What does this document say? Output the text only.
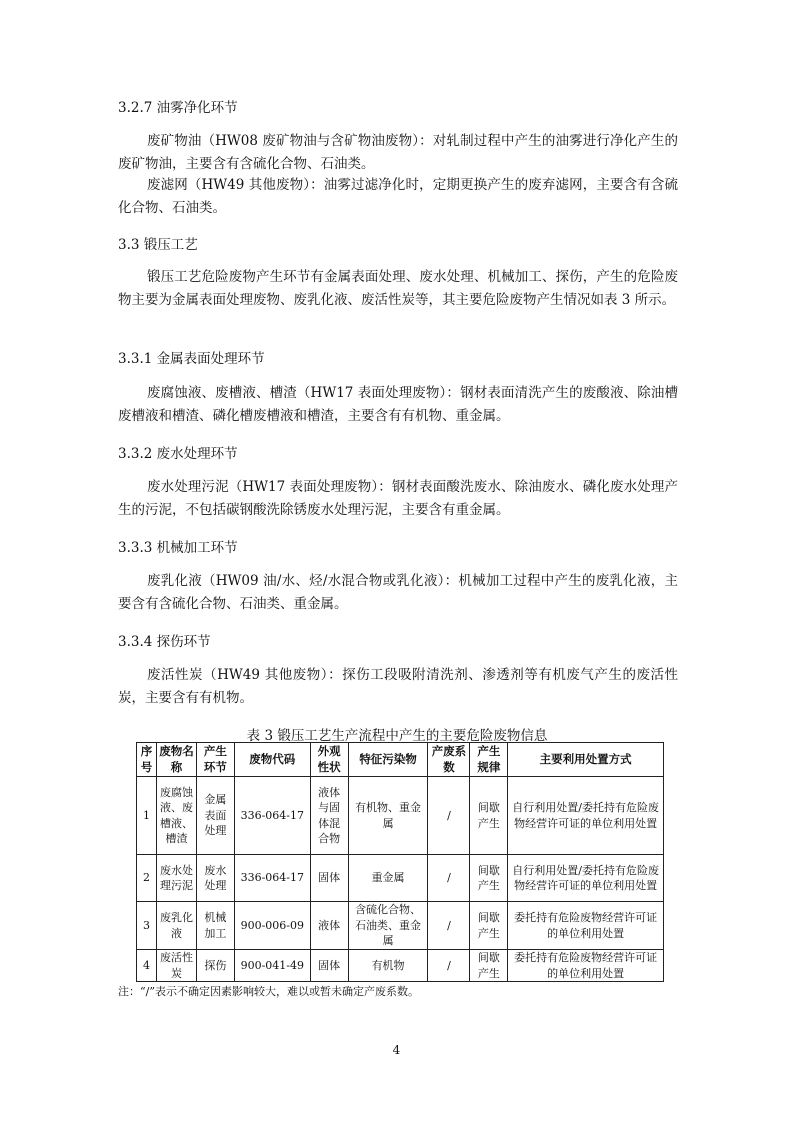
3.2.7 油雾净化环节
废矿物油（HW08 废矿物油与含矿物油废物）：对轧制过程中产生的油雾进行净化产生的废矿物油，主要含有含硫化合物、石油类。
废滤网（HW49 其他废物）：油雾过滤净化时，定期更换产生的废弃滤网，主要含有含硫化合物、石油类。
3.3 锻压工艺
锻压工艺危险废物产生环节有金属表面处理、废水处理、机械加工、探伤，产生的危险废物主要为金属表面处理废物、废乳化液、废活性炭等，其主要危险废物产生情况如表 3 所示。
3.3.1 金属表面处理环节
废腐蚀液、废槽液、槽渣（HW17 表面处理废物）：钢材表面清洗产生的废酸液、除油槽废槽液和槽渣、磷化槽废槽液和槽渣，主要含有有机物、重金属。
3.3.2 废水处理环节
废水处理污泥（HW17 表面处理废物）：钢材表面酸洗废水、除油废水、磷化废水处理产生的污泥，不包括碳钢酸洗除锈废水处理污泥，主要含有重金属。
3.3.3 机械加工环节
废乳化液（HW09 油/水、烃/水混合物或乳化液）：机械加工过程中产生的废乳化液，主要含有含硫化合物、石油类、重金属。
3.3.4 探伤环节
废活性炭（HW49 其他废物）：探伤工段吸附清洗剂、渗透剂等有机废气产生的废活性炭，主要含有有机物。
表 3 锻压工艺生产流程中产生的主要危险废物信息
序号	废物名称	产生环节	废物代码	外观性状	特征污染物	产废系数	产生规律	主要利用处置方式
1	废腐蚀液、废槽液、槽渣	金属表面处理	336-064-17	液体与固体混合物	有机物、重金属	/	间歇产生	自行利用处置/委托持有危险废物经营许可证的单位利用处置
2	废水处理污泥	废水处理	336-064-17	固体	重金属	/	间歇产生	自行利用处置/委托持有危险废物经营许可证的单位利用处置
3	废乳化液	机械加工	900-006-09	液体	含硫化合物、石油类、重金属	/	间歇产生	委托持有危险废物经营许可证的单位利用处置
4	废活性炭	探伤	900-041-49	固体	有机物	/	间歇产生	委托持有危险废物经营许可证的单位利用处置
注：“/”表示不确定因素影响较大，难以或暂未确定产废系数。
4
